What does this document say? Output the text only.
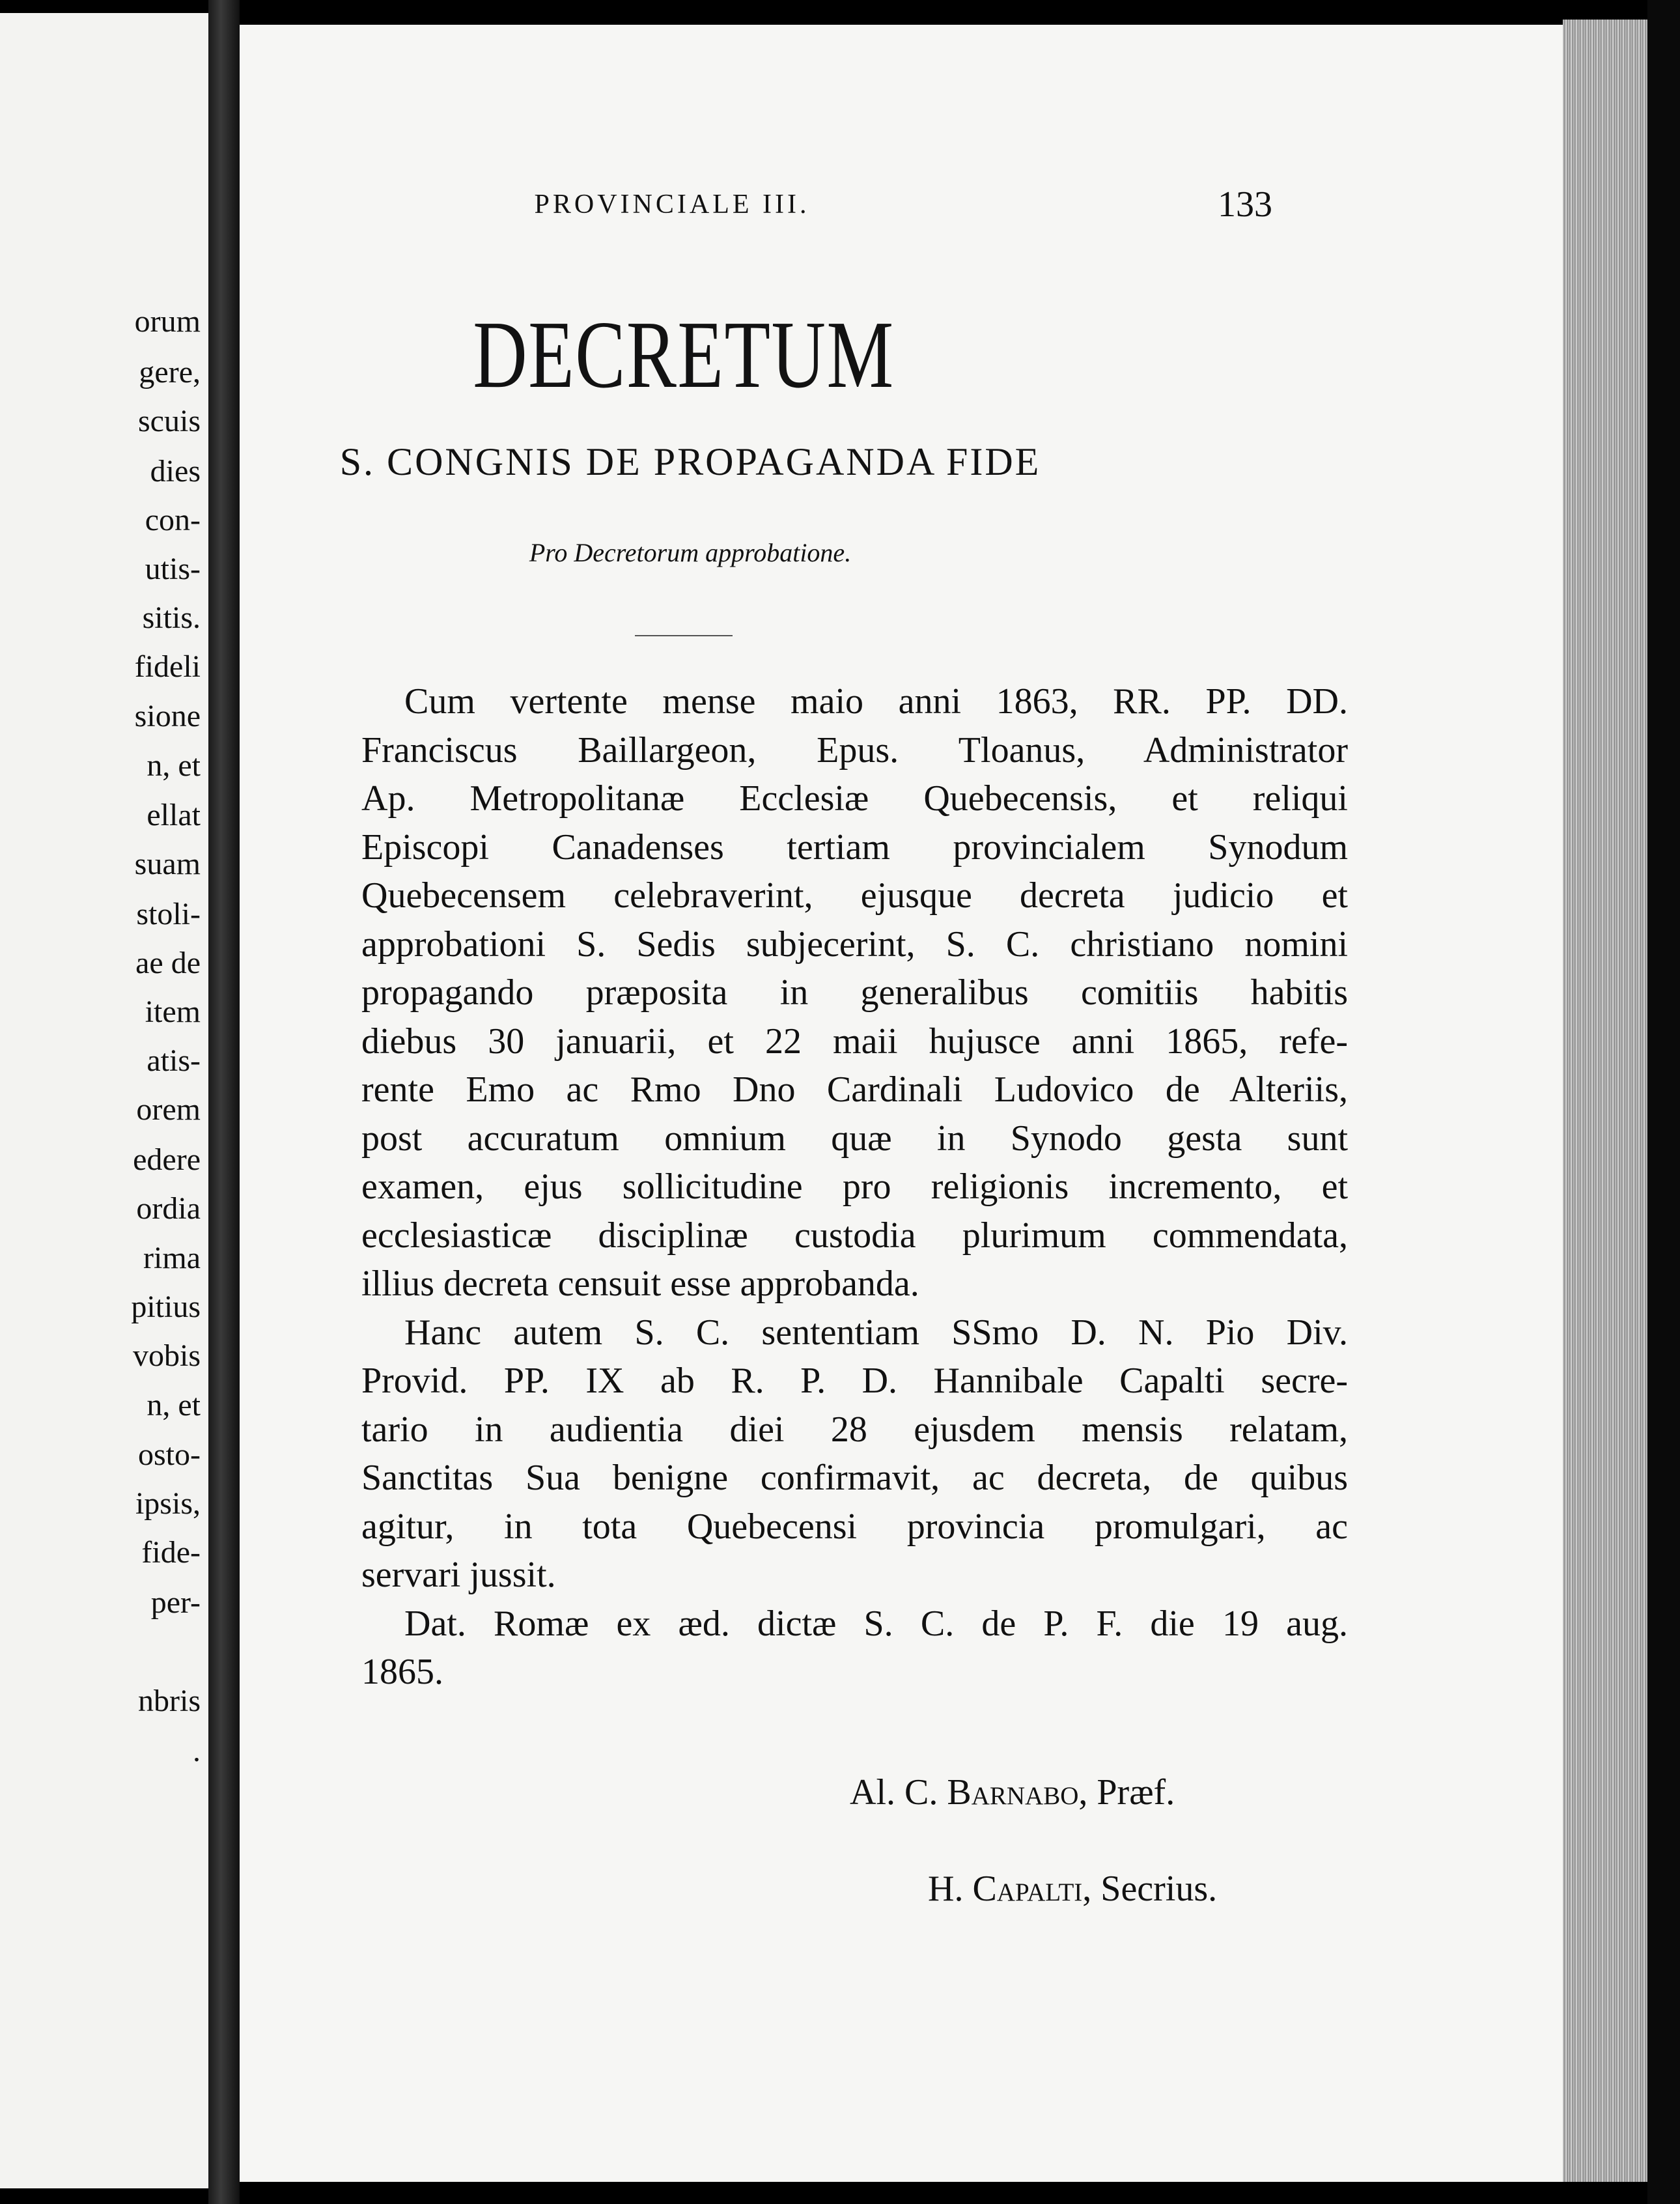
orum
gere,
scuis
dies
con-
utis-
sitis.
fideli
sione
n, et
ellat
suam
stoli-
ae de
item
atis-
orem
edere
ordia
rima
pitius
vobis
n, et
osto-
ipsis,
fide-
per-
nbris
.
PROVINCIALE III.	133
DECRETUM
S. CONGNIS DE PROPAGANDA FIDE
Pro Decretorum approbatione.
Cum vertente mense maio anni 1863, RR. PP. DD.
Franciscus Baillargeon, Epus. Tloanus, Administrator
Ap. Metropolitanæ Ecclesiæ Quebecensis, et reliqui
Episcopi Canadenses tertiam provincialem Synodum
Quebecensem celebraverint, ejusque decreta judicio et
approbationi S. Sedis subjecerint, S. C. christiano nomini
propagando præposita in generalibus comitiis habitis
diebus 30 januarii, et 22 maii hujusce anni 1865, refe-
rente Emo ac Rmo Dno Cardinali Ludovico de Alteriis,
post accuratum omnium quæ in Synodo gesta sunt
examen, ejus sollicitudine pro religionis incremento, et
ecclesiasticæ disciplinæ custodia plurimum commendata,
illius decreta censuit esse approbanda.
Hanc autem S. C. sententiam SSmo D. N. Pio Div.
Provid. PP. IX ab R. P. D. Hannibale Capalti secre-
tario in audientia diei 28 ejusdem mensis relatam,
Sanctitas Sua benigne confirmavit, ac decreta, de quibus
agitur, in tota Quebecensi provincia promulgari, ac
servari jussit.
Dat. Romæ ex æd. dictæ S. C. de P. F. die 19 aug.
1865.
Al. C. Barnabo, Præf.
H. Capalti, Secrius.
